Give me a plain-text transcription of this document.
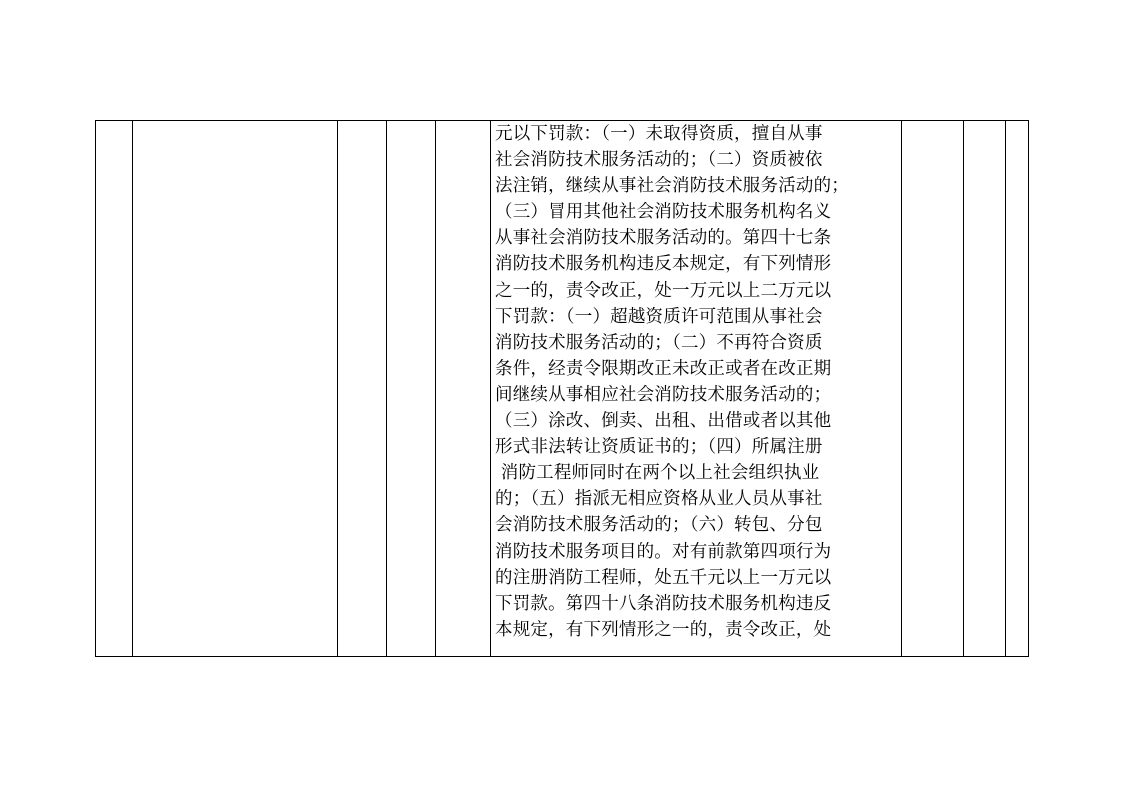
元以下罚款：（一）未取得资质，擅自从事
社会消防技术服务活动的；（二）资质被依
法注销，继续从事社会消防技术服务活动的；
（三）冒用其他社会消防技术服务机构名义
从事社会消防技术服务活动的。第四十七条
消防技术服务机构违反本规定，有下列情形
之一的，责令改正，处一万元以上二万元以
下罚款：（一）超越资质许可范围从事社会
消防技术服务活动的；（二）不再符合资质
条件，经责令限期改正未改正或者在改正期
间继续从事相应社会消防技术服务活动的；
（三）涂改、倒卖、出租、出借或者以其他
形式非法转让资质证书的；（四）所属注册
消防工程师同时在两个以上社会组织执业
的；（五）指派无相应资格从业人员从事社
会消防技术服务活动的；（六）转包、分包
消防技术服务项目的。对有前款第四项行为
的注册消防工程师，处五千元以上一万元以
下罚款。第四十八条消防技术服务机构违反
本规定，有下列情形之一的，责令改正，处
